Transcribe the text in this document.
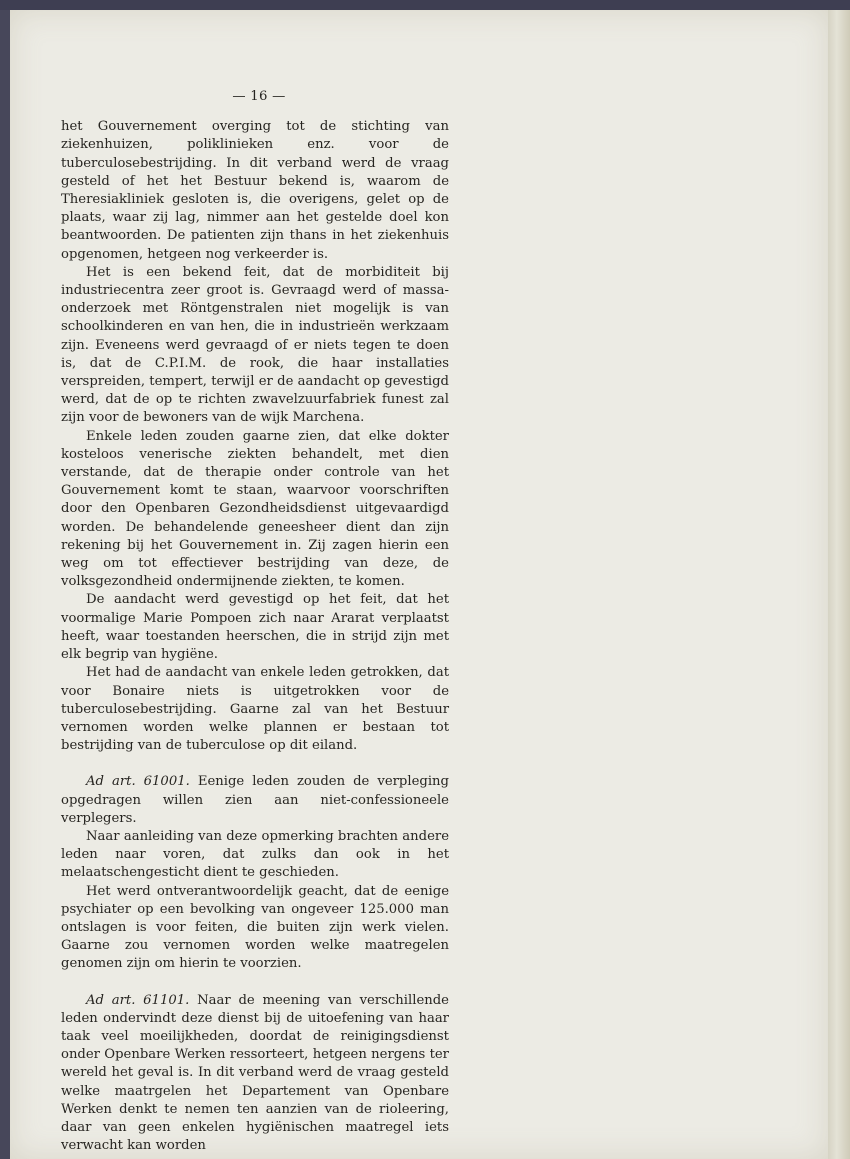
— 16 —

het Gouvernement overging tot de stichting van ziekenhuizen, poliklinieken enz. voor de tuberculosebestrijding. In dit verband werd de vraag gesteld of het het Bestuur bekend is, waarom de Theresiakliniek gesloten is, die overigens, gelet op de plaats, waar zij lag, nimmer aan het gestelde doel kon beantwoorden. De patienten zijn thans in het ziekenhuis opgenomen, hetgeen nog verkeerder is.

Het is een bekend feit, dat de morbiditeit bij industriecentra zeer groot is. Gevraagd werd of massa-onderzoek met Röntgenstralen niet mogelijk is van schoolkinderen en van hen, die in industrieën werkzaam zijn. Eveneens werd gevraagd of er niets tegen te doen is, dat de C.P.I.M. de rook, die haar installaties verspreiden, tempert, terwijl er de aandacht op gevestigd werd, dat de op te richten zwavelzuurfabriek funest zal zijn voor de bewoners van de wijk Marchena.

Enkele leden zouden gaarne zien, dat elke dokter kosteloos venerische ziekten behandelt, met dien verstande, dat de therapie onder controle van het Gouvernement komt te staan, waarvoor voorschriften door den Openbaren Gezondheidsdienst uitgevaardigd worden. De behandelende geneesheer dient dan zijn rekening bij het Gouvernement in. Zij zagen hierin een weg om tot effectiever bestrijding van deze, de volksgezondheid ondermijnende ziekten, te komen.

De aandacht werd gevestigd op het feit, dat het voormalige Marie Pompoen zich naar Ararat verplaatst heeft, waar toestanden heerschen, die in strijd zijn met elk begrip van hygiëne.

Het had de aandacht van enkele leden getrokken, dat voor Bonaire niets is uitgetrokken voor de tuberculosebestrijding. Gaarne zal van het Bestuur vernomen worden welke plannen er bestaan tot bestrijding van de tuberculose op dit eiland.

Ad art. 61001. Eenige leden zouden de verpleging opgedragen willen zien aan niet-confessioneele verplegers.

Naar aanleiding van deze opmerking brachten andere leden naar voren, dat zulks dan ook in het melaatschengesticht dient te geschieden.

Het werd ontverantwoordelijk geacht, dat de eenige psychiater op een bevolking van ongeveer 125.000 man ontslagen is voor feiten, die buiten zijn werk vielen. Gaarne zou vernomen worden welke maatregelen genomen zijn om hierin te voorzien.

Ad art. 61101. Naar de meening van verschillende leden ondervindt deze dienst bij de uitoefening van haar taak veel moeilijkheden, doordat de reinigingsdienst onder Openbare Werken ressorteert, hetgeen nergens ter wereld het geval is. In dit verband werd de vraag gesteld welke maatrgelen het Departement van Openbare Werken denkt te nemen ten aanzien van de rioleering, daar van geen enkelen hygiënischen maatregel iets verwacht kan worden
